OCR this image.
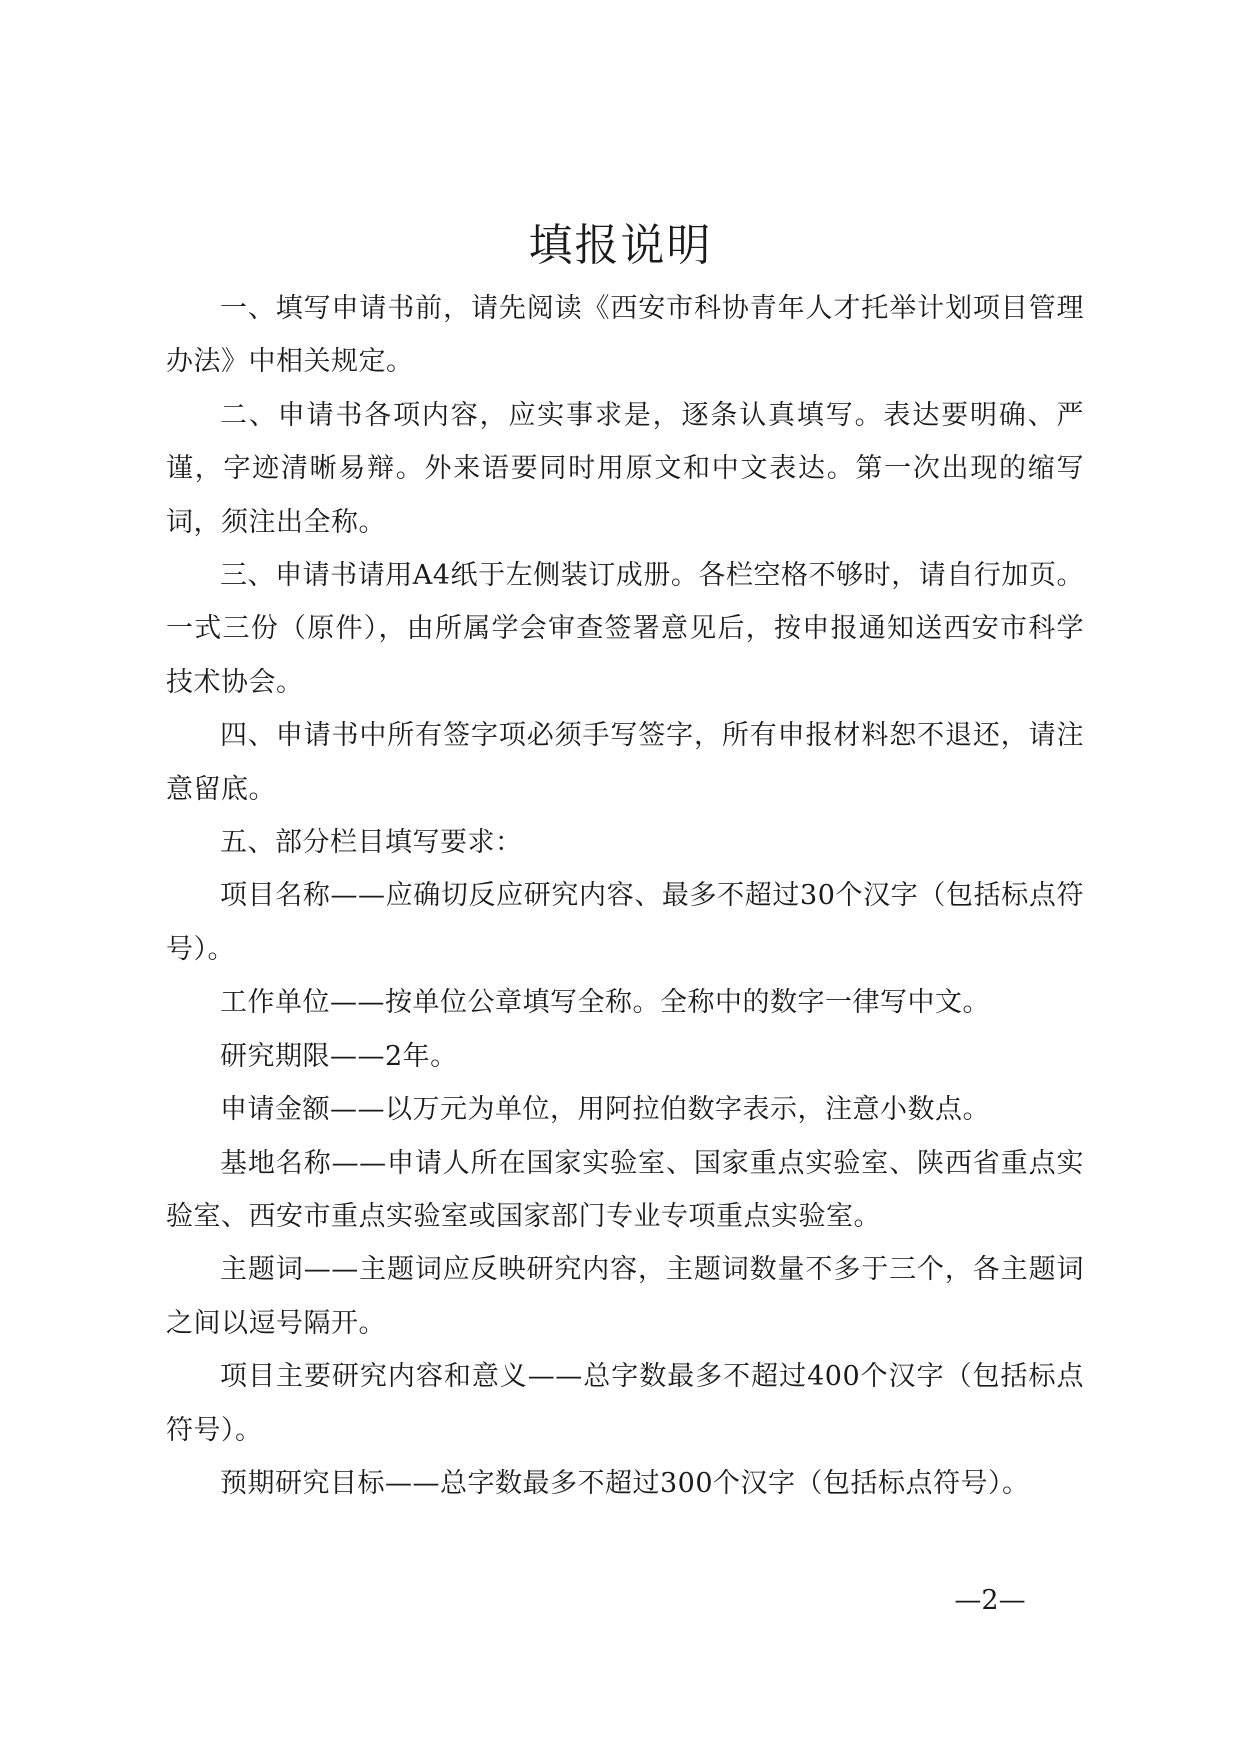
填报说明

一、填写申请书前，请先阅读《西安市科协青年人才托举计划项目管理办法》中相关规定。

二、申请书各项内容，应实事求是，逐条认真填写。表达要明确、严谨，字迹清晰易辩。外来语要同时用原文和中文表达。第一次出现的缩写词，须注出全称。

三、申请书请用A4纸于左侧装订成册。各栏空格不够时，请自行加页。一式三份（原件），由所属学会审查签署意见后，按申报通知送西安市科学技术协会。

四、申请书中所有签字项必须手写签字，所有申报材料恕不退还，请注意留底。

五、部分栏目填写要求：

项目名称——应确切反应研究内容、最多不超过30个汉字（包括标点符号）。

工作单位——按单位公章填写全称。全称中的数字一律写中文。

研究期限——2年。

申请金额——以万元为单位，用阿拉伯数字表示，注意小数点。

基地名称——申请人所在国家实验室、国家重点实验室、陕西省重点实验室、西安市重点实验室或国家部门专业专项重点实验室。

主题词——主题词应反映研究内容，主题词数量不多于三个，各主题词之间以逗号隔开。

项目主要研究内容和意义——总字数最多不超过400个汉字（包括标点符号）。

预期研究目标——总字数最多不超过300个汉字（包括标点符号）。

—2—
